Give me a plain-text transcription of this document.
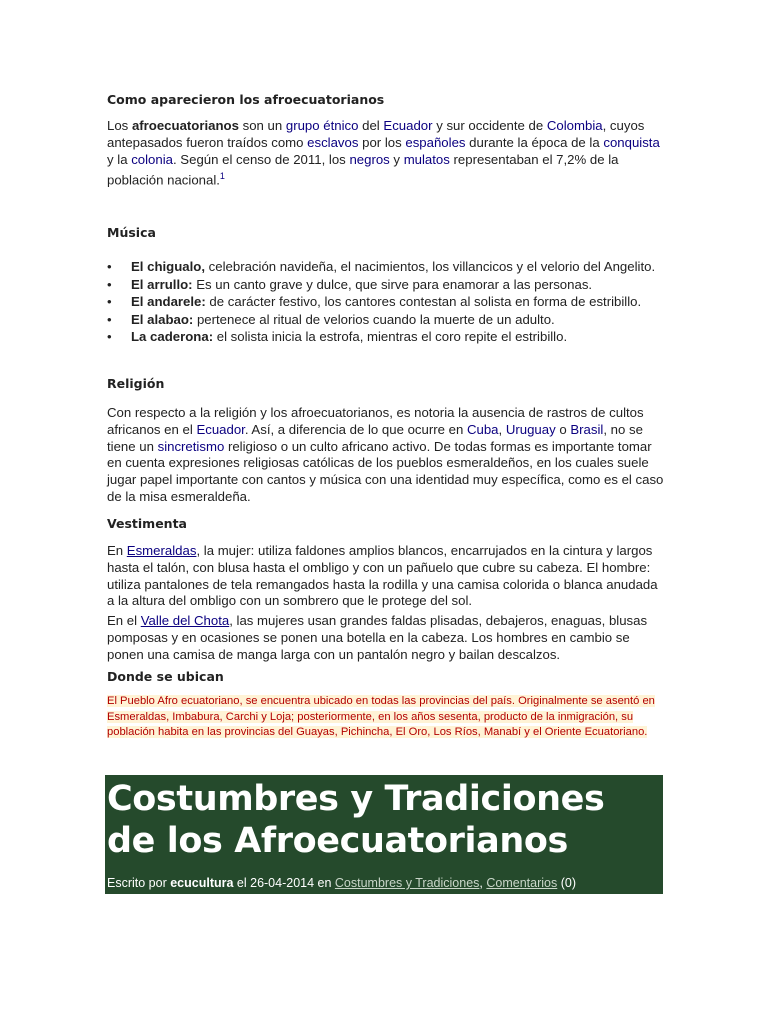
Como aparecieron los afroecuatorianos

Los afroecuatorianos son un grupo étnico del Ecuador y sur occidente de Colombia, cuyos antepasados fueron traídos como esclavos por los españoles durante la época de la conquista y la colonia. Según el censo de 2011, los negros y mulatos representaban el 7,2% de la población nacional.$^1$

Música
• El chigualo, celebración navideña, el nacimientos, los villancicos y el velorio del Angelito.
• El arrullo: Es un canto grave y dulce, que sirve para enamorar a las personas.
• El andarele: de carácter festivo, los cantores contestan al solista en forma de estribillo.
• El alabao: pertenece al ritual de velorios cuando la muerte de un adulto.
• La caderona: el solista inicia la estrofa, mientras el coro repite el estribillo.
Religión

Con respecto a la religión y los afroecuatorianos, es notoria la ausencia de rastros de cultos africanos en el Ecuador. Así, a diferencia de lo que ocurre en Cuba, Uruguay o Brasil, no se tiene un sincretismo religioso o un culto africano activo. De todas formas es importante tomar en cuenta expresiones religiosas católicas de los pueblos esmeraldeños, en los cuales suele jugar papel importante con cantos y música con una identidad muy específica, como es el caso de la misa esmeraldeña.

Vestimenta

En Esmeraldas, la mujer: utiliza faldones amplios blancos, encarrujados en la cintura y largos hasta el talón, con blusa hasta el ombligo y con un pañuelo que cubre su cabeza. El hombre: utiliza pantalones de tela remangados hasta la rodilla y una camisa colorida o blanca anudada a la altura del ombligo con un sombrero que le protege del sol.

En el Valle del Chota, las mujeres usan grandes faldas plisadas, debajeros, enaguas, blusas pomposas y en ocasiones se ponen una botella en la cabeza. Los hombres en cambio se ponen una camisa de manga larga con un pantalón negro y bailan descalzos.

Donde se ubican
El Pueblo Afro ecuatoriano, se encuentra ubicado en todas las provincias del país. Originalmente se asentó en Esmeraldas, Imbabura, Carchi y Loja; posteriormente, en los años sesenta, producto de la inmigración, su población habita en las provincias del Guayas, Pichincha, El Oro, Los Ríos, Manabí y el Oriente Ecuatoriano.
Costumbres y Tradiciones de los Afroecuatorianos
Escrito por ecucultura el 26-04-2014 en Costumbres y Tradiciones, Comentarios (0)
